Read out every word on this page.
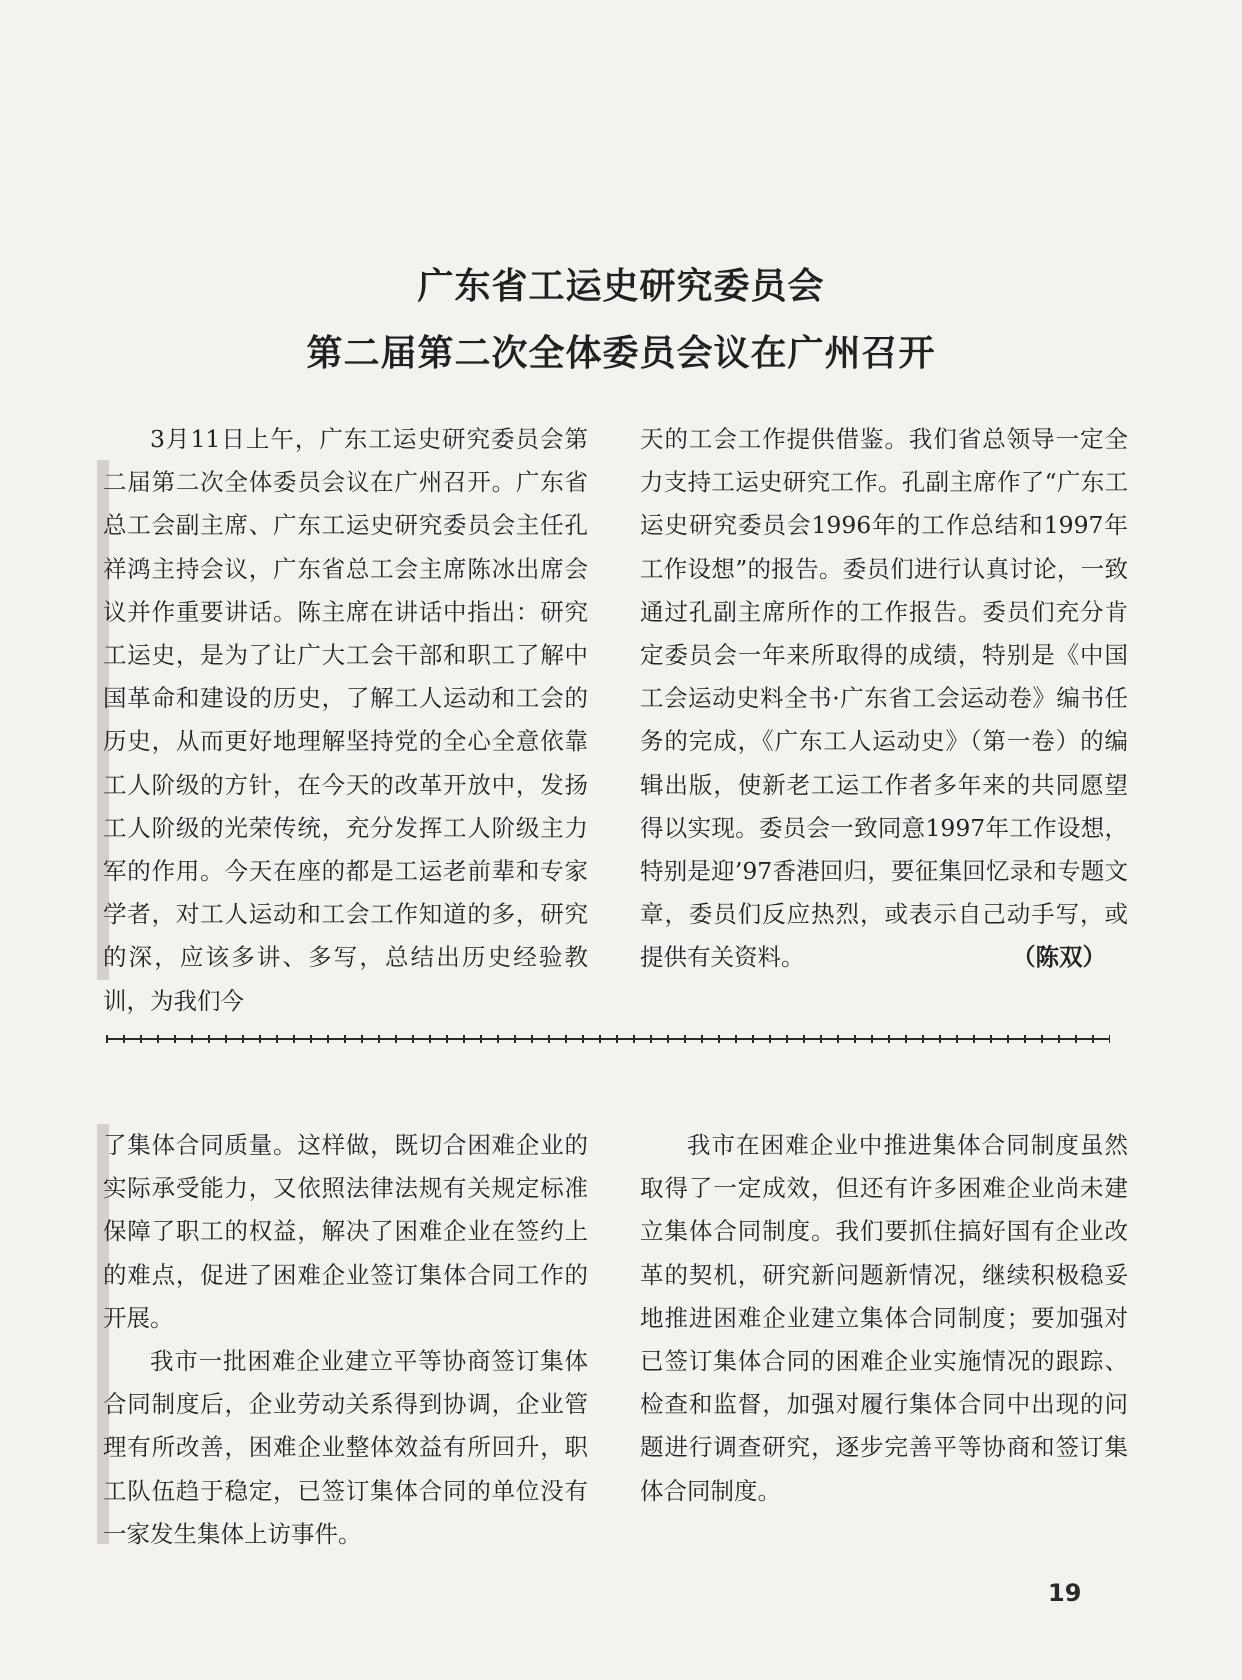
广东省工运史研究委员会
第二届第二次全体委员会议在广州召开

3月11日上午，广东工运史研究委员会第二届第二次全体委员会议在广州召开。广东省总工会副主席、广东工运史研究委员会主任孔祥鸿主持会议，广东省总工会主席陈冰出席会议并作重要讲话。陈主席在讲话中指出：研究工运史，是为了让广大工会干部和职工了解中国革命和建设的历史，了解工人运动和工会的历史，从而更好地理解坚持党的全心全意依靠工人阶级的方针，在今天的改革开放中，发扬工人阶级的光荣传统，充分发挥工人阶级主力军的作用。今天在座的都是工运老前辈和专家学者，对工人运动和工会工作知道的多，研究的深，应该多讲、多写，总结出历史经验教训，为我们今

天的工会工作提供借鉴。我们省总领导一定全力支持工运史研究工作。孔副主席作了“广东工运史研究委员会1996年的工作总结和1997年工作设想”的报告。委员们进行认真讨论，一致通过孔副主席所作的工作报告。委员们充分肯定委员会一年来所取得的成绩，特别是《中国工会运动史料全书·广东省工会运动卷》编书任务的完成，《广东工人运动史》（第一卷）的编辑出版，使新老工运工作者多年来的共同愿望得以实现。委员会一致同意1997年工作设想，特别是迎’97香港回归，要征集回忆录和专题文章，委员们反应热烈，或表示自己动手写，或提供有关资料。	（陈双）

了集体合同质量。这样做，既切合困难企业的实际承受能力，又依照法律法规有关规定标准保障了职工的权益，解决了困难企业在签约上的难点，促进了困难企业签订集体合同工作的开展。

我市一批困难企业建立平等协商签订集体合同制度后，企业劳动关系得到协调，企业管理有所改善，困难企业整体效益有所回升，职工队伍趋于稳定，已签订集体合同的单位没有一家发生集体上访事件。

我市在困难企业中推进集体合同制度虽然取得了一定成效，但还有许多困难企业尚未建立集体合同制度。我们要抓住搞好国有企业改革的契机，研究新问题新情况，继续积极稳妥地推进困难企业建立集体合同制度；要加强对已签订集体合同的困难企业实施情况的跟踪、检查和监督，加强对履行集体合同中出现的问题进行调查研究，逐步完善平等协商和签订集体合同制度。

19
